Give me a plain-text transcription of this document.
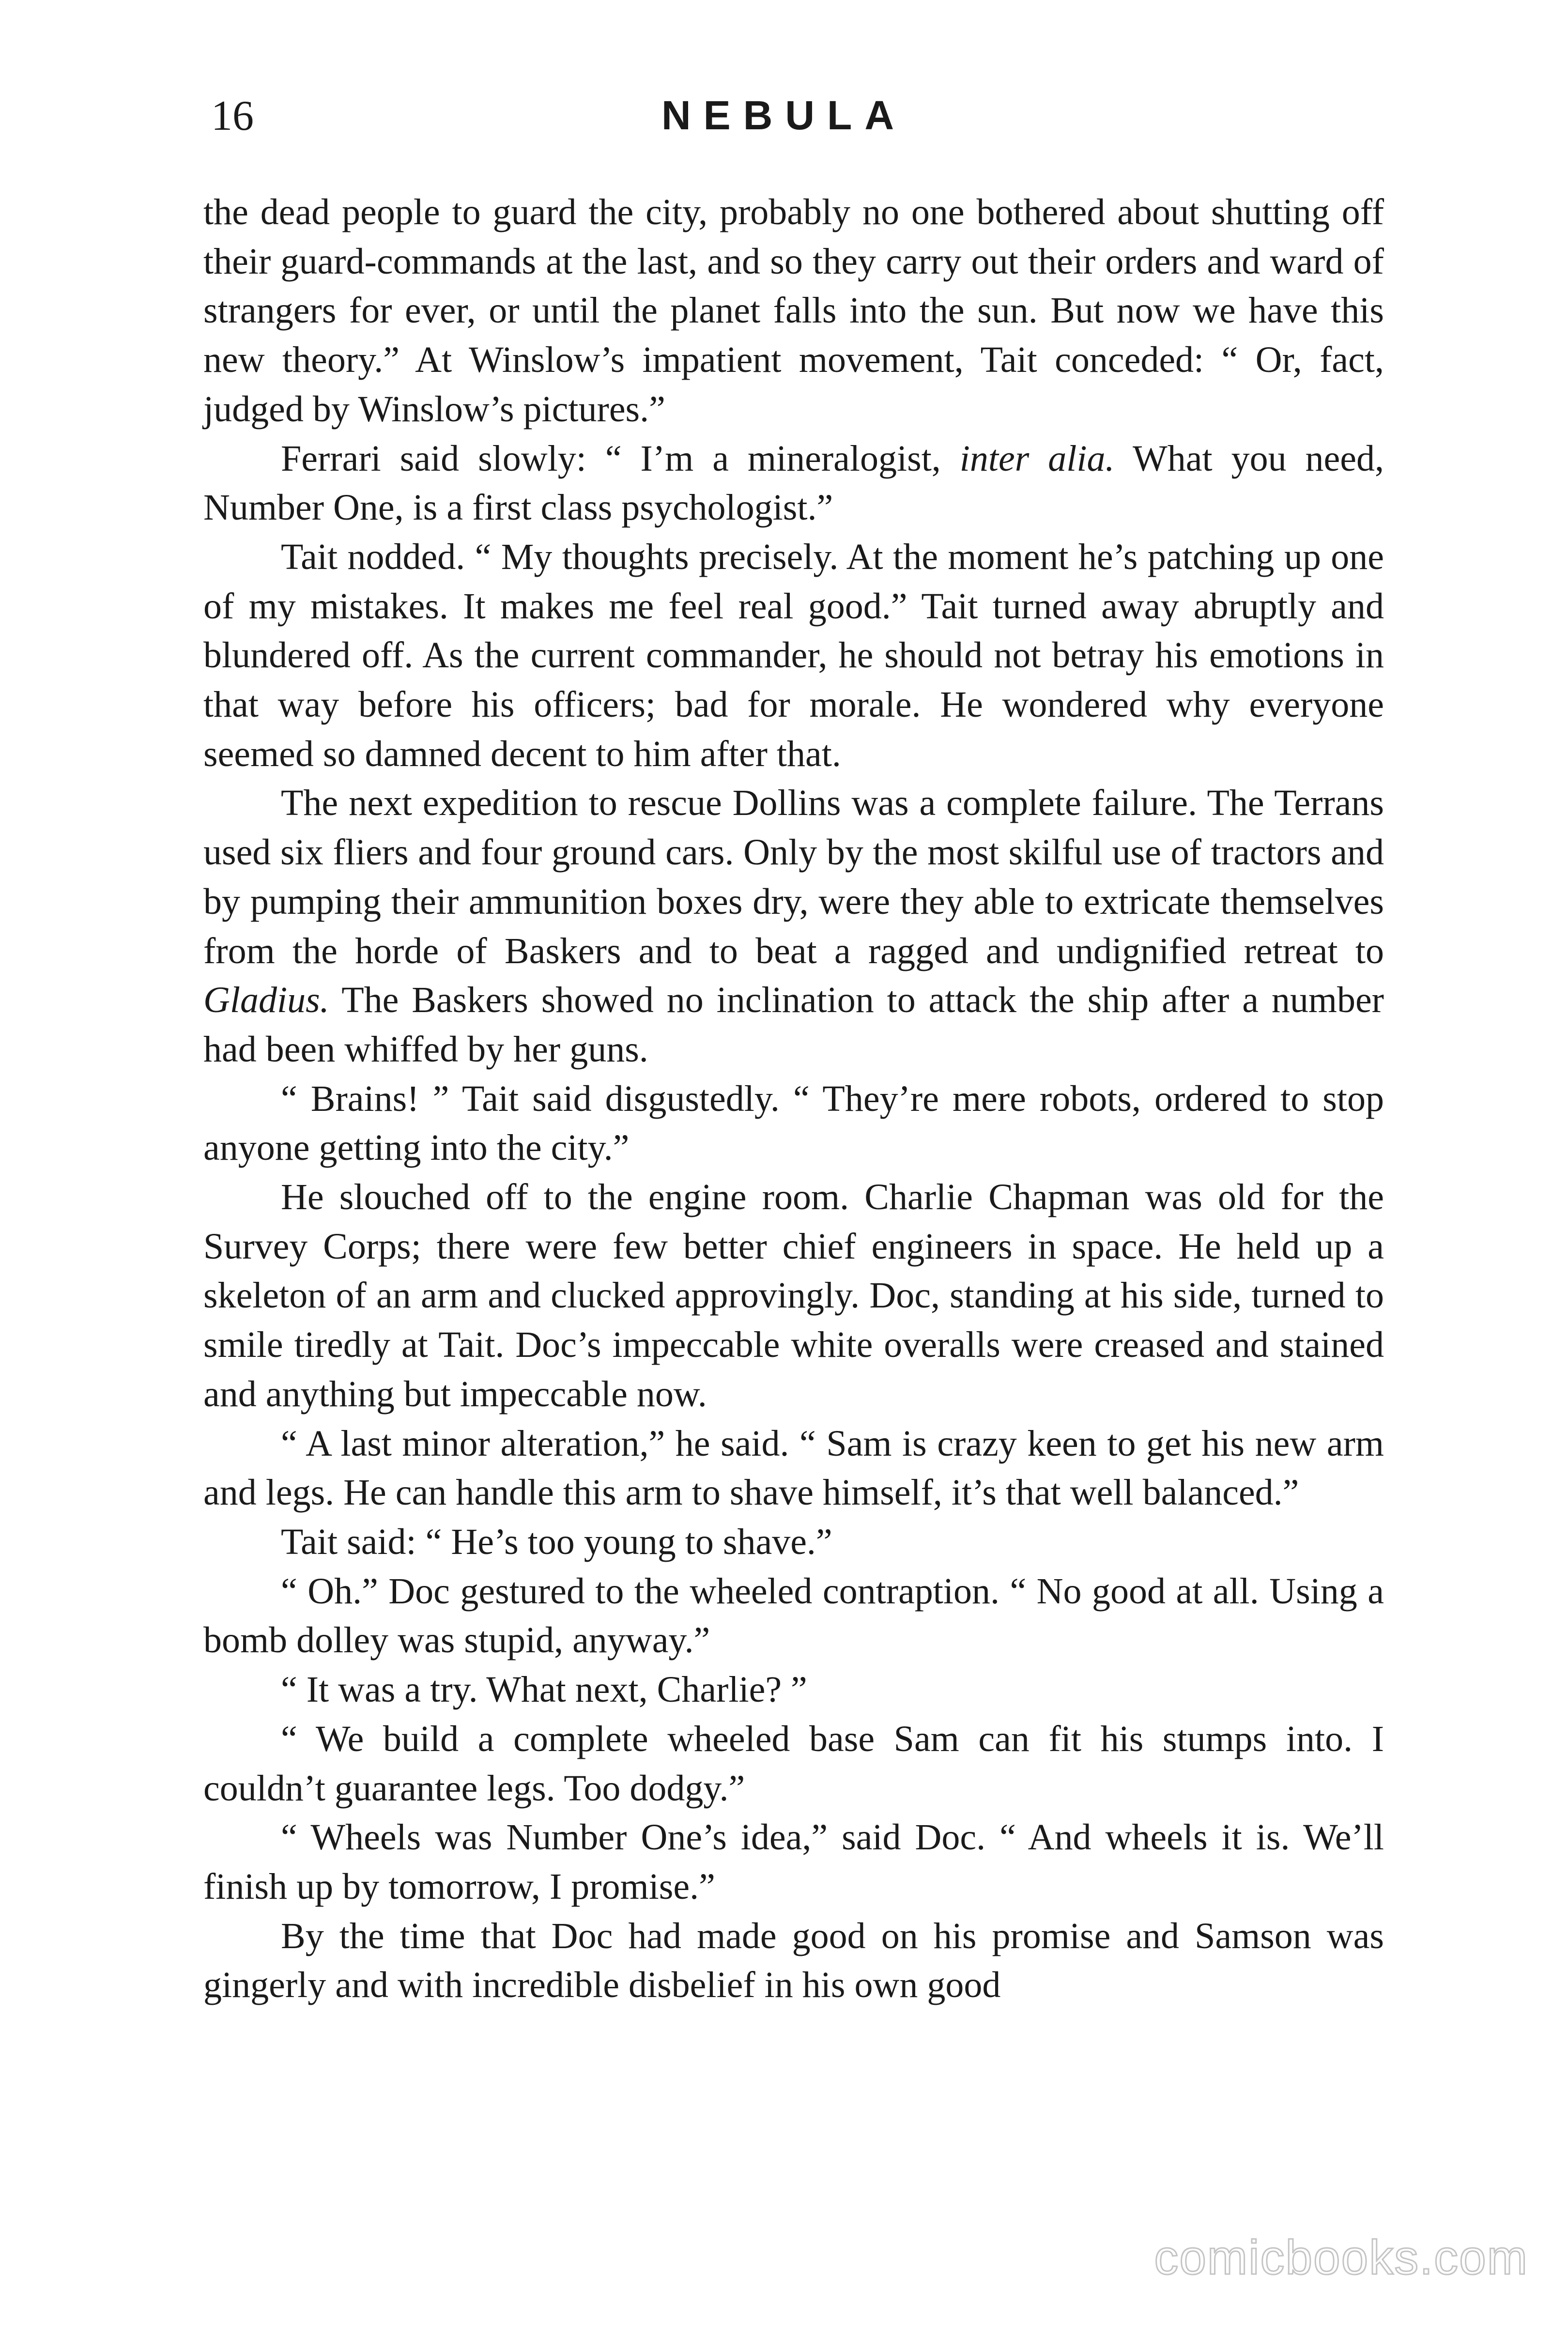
16	NEBULA

the dead people to guard the city, probably no one bothered about shutting off their guard-commands at the last, and so they carry out their orders and ward of strangers for ever, or until the planet falls into the sun. But now we have this new theory.” At Winslow’s impatient movement, Tait conceded: “ Or, fact, judged by Winslow’s pictures.”

Ferrari said slowly: “ I’m a mineralogist, inter alia. What you need, Number One, is a first class psychologist.”

Tait nodded. “ My thoughts precisely. At the moment he’s patching up one of my mistakes. It makes me feel real good.” Tait turned away abruptly and blundered off. As the current commander, he should not betray his emotions in that way before his officers; bad for morale. He wondered why everyone seemed so damned decent to him after that.

The next expedition to rescue Dollins was a complete failure. The Terrans used six fliers and four ground cars. Only by the most skilful use of tractors and by pumping their ammunition boxes dry, were they able to extricate themselves from the horde of Baskers and to beat a ragged and undignified retreat to Gladius. The Baskers showed no inclination to attack the ship after a number had been whiffed by her guns.

“ Brains! ” Tait said disgustedly. “ They’re mere robots, ordered to stop anyone getting into the city.”

He slouched off to the engine room. Charlie Chapman was old for the Survey Corps; there were few better chief engineers in space. He held up a skeleton of an arm and clucked approvingly. Doc, standing at his side, turned to smile tiredly at Tait. Doc’s impeccable white overalls were creased and stained and anything but impeccable now.

“ A last minor alteration,” he said. “ Sam is crazy keen to get his new arm and legs. He can handle this arm to shave himself, it’s that well balanced.”

Tait said: “ He’s too young to shave.”

“ Oh.” Doc gestured to the wheeled contraption. “ No good at all. Using a bomb dolley was stupid, anyway.”

“ It was a try. What next, Charlie? ”

“ We build a complete wheeled base Sam can fit his stumps into. I couldn’t guarantee legs. Too dodgy.”

“ Wheels was Number One’s idea,” said Doc. “ And wheels it is. We’ll finish up by tomorrow, I promise.”

By the time that Doc had made good on his promise and Samson was gingerly and with incredible disbelief in his own good

comicbooks.com
